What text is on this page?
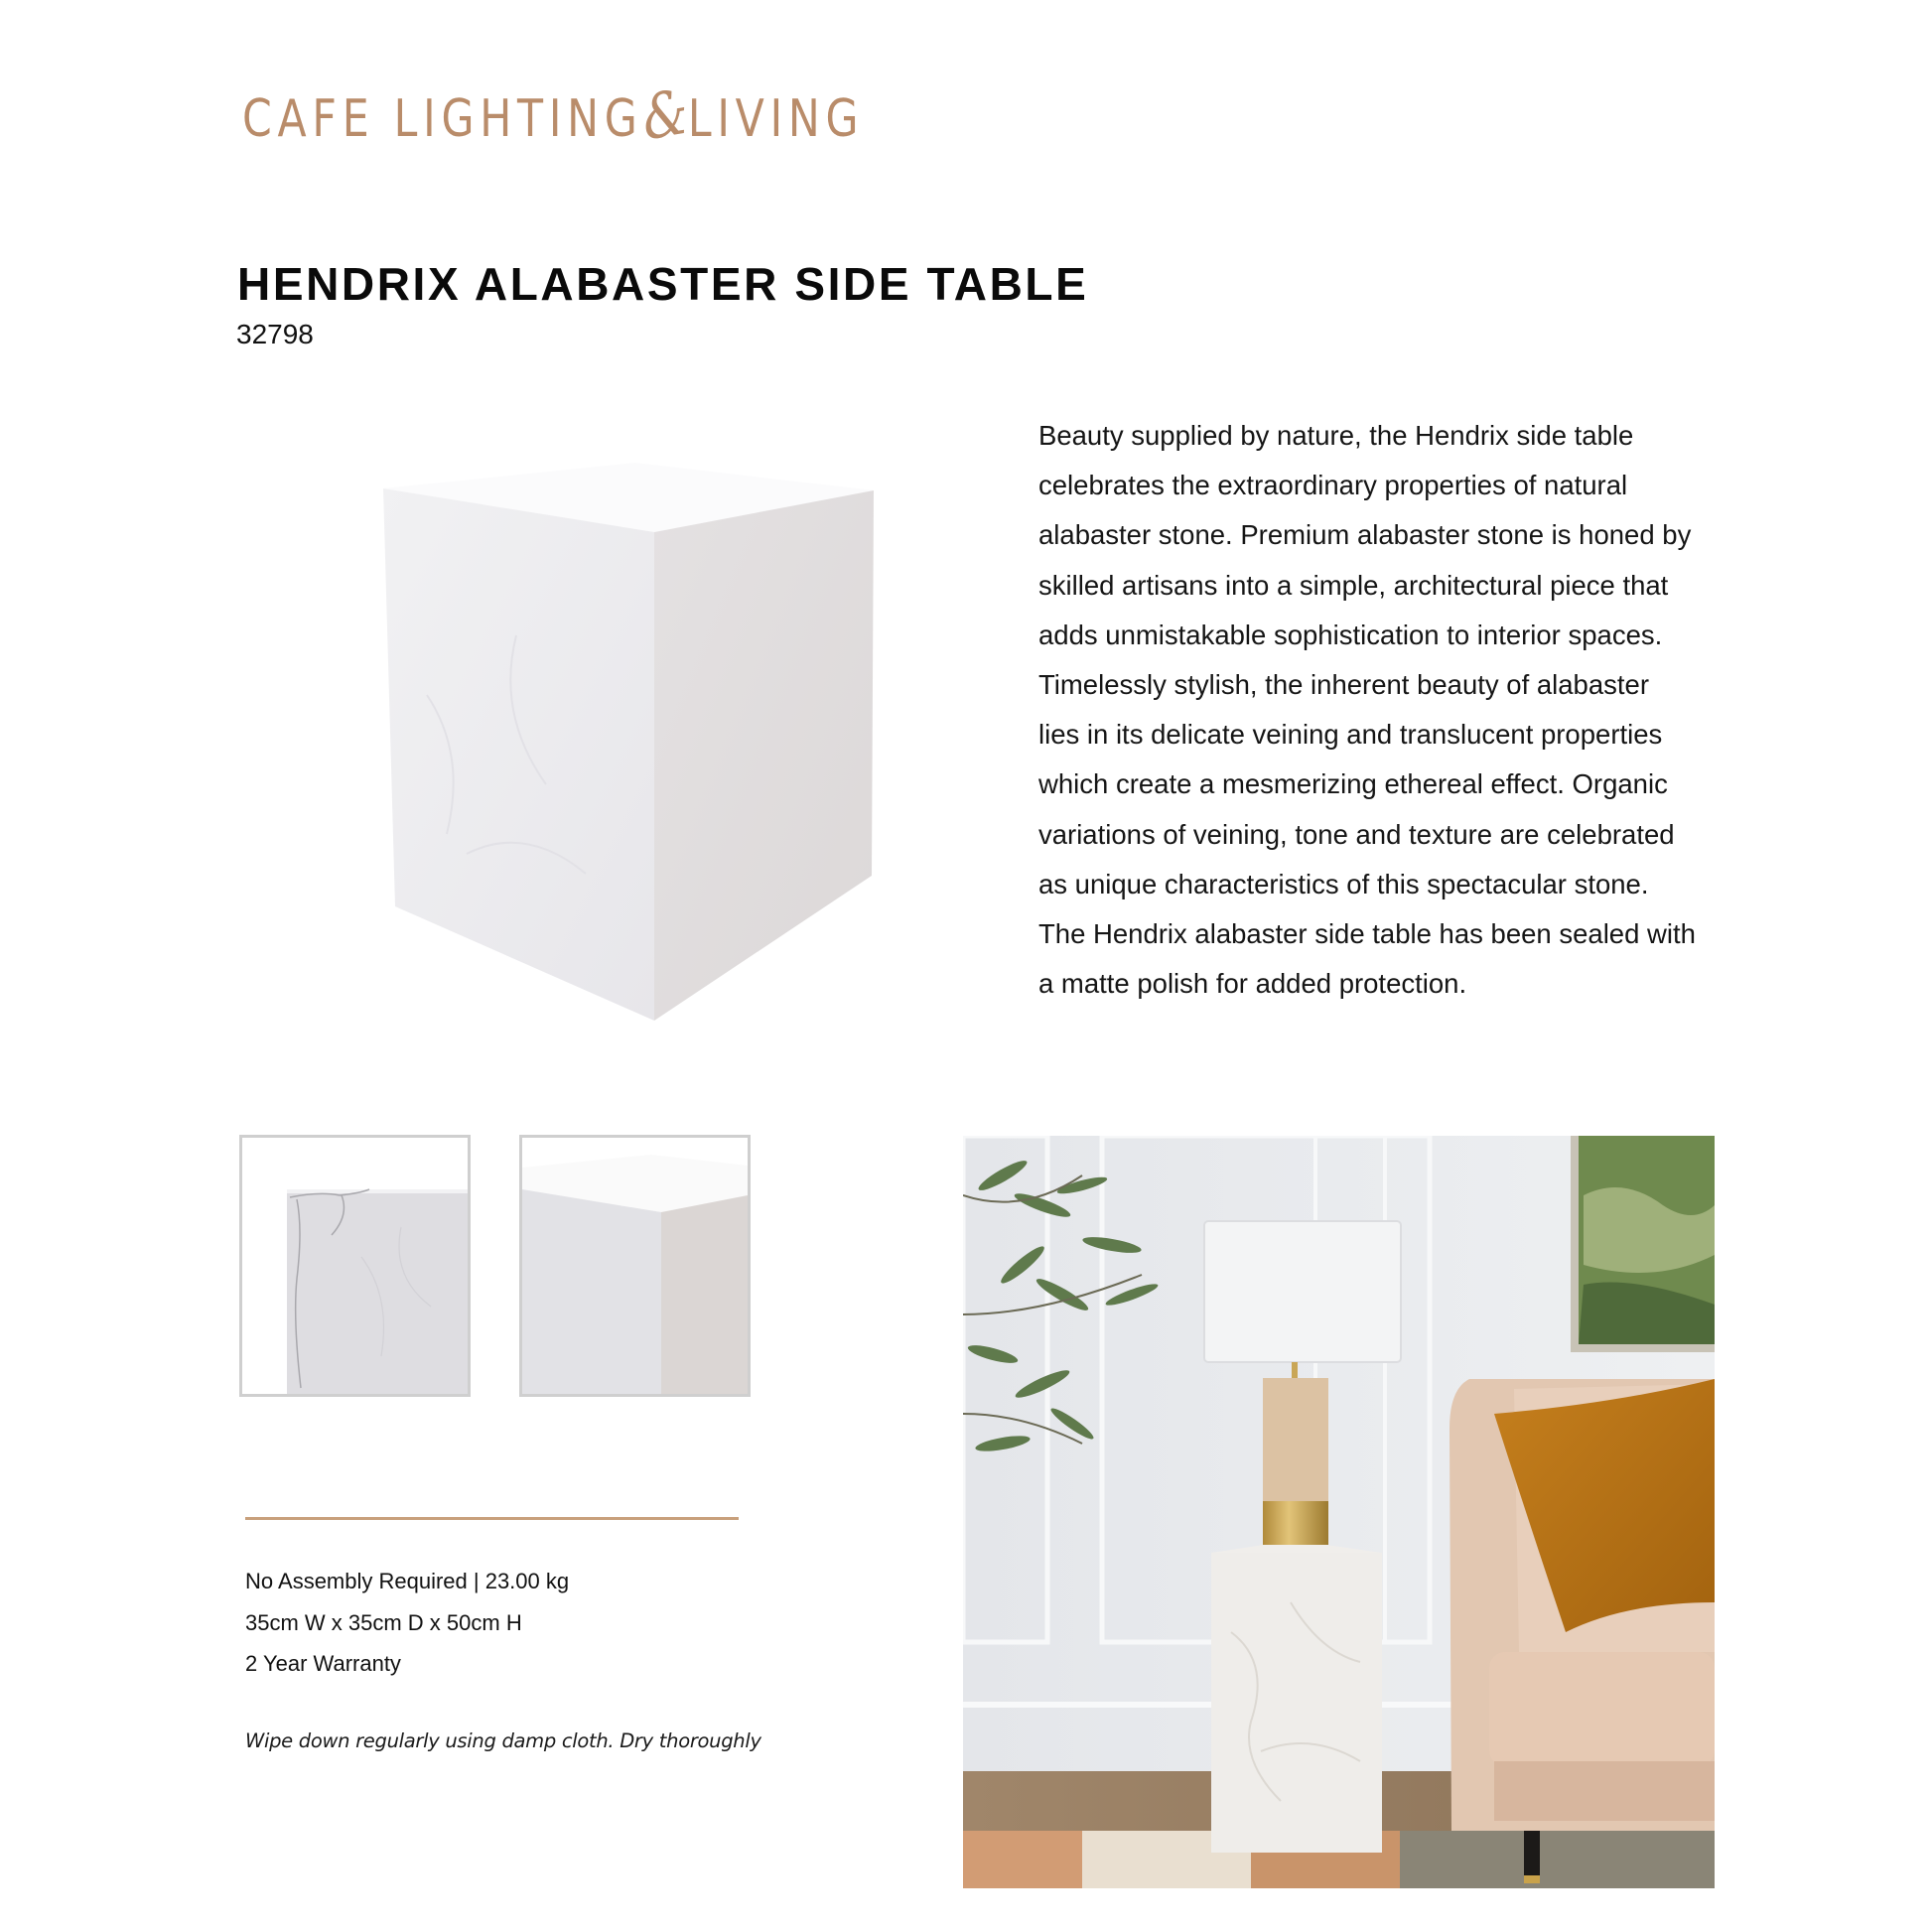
CAFE LIGHTING&LIVING
HENDRIX ALABASTER SIDE TABLE
32798

Beauty supplied by nature, the Hendrix side table

celebrates the extraordinary properties of natural

alabaster stone. Premium alabaster stone is honed by

skilled artisans into a simple, architectural piece that

adds unmistakable sophistication to interior spaces.

Timelessly stylish, the inherent beauty of alabaster

lies in its delicate veining and translucent properties

which create a mesmerizing ethereal effect. Organic

variations of veining, tone and texture are celebrated

as unique characteristics of this spectacular stone.

The Hendrix alabaster side table has been sealed with

a matte polish for added protection.

No Assembly Required | 23.00 kg
35cm W x 35cm D x 50cm H
2 Year Warranty
Wipe down regularly using damp cloth. Dry thoroughly
